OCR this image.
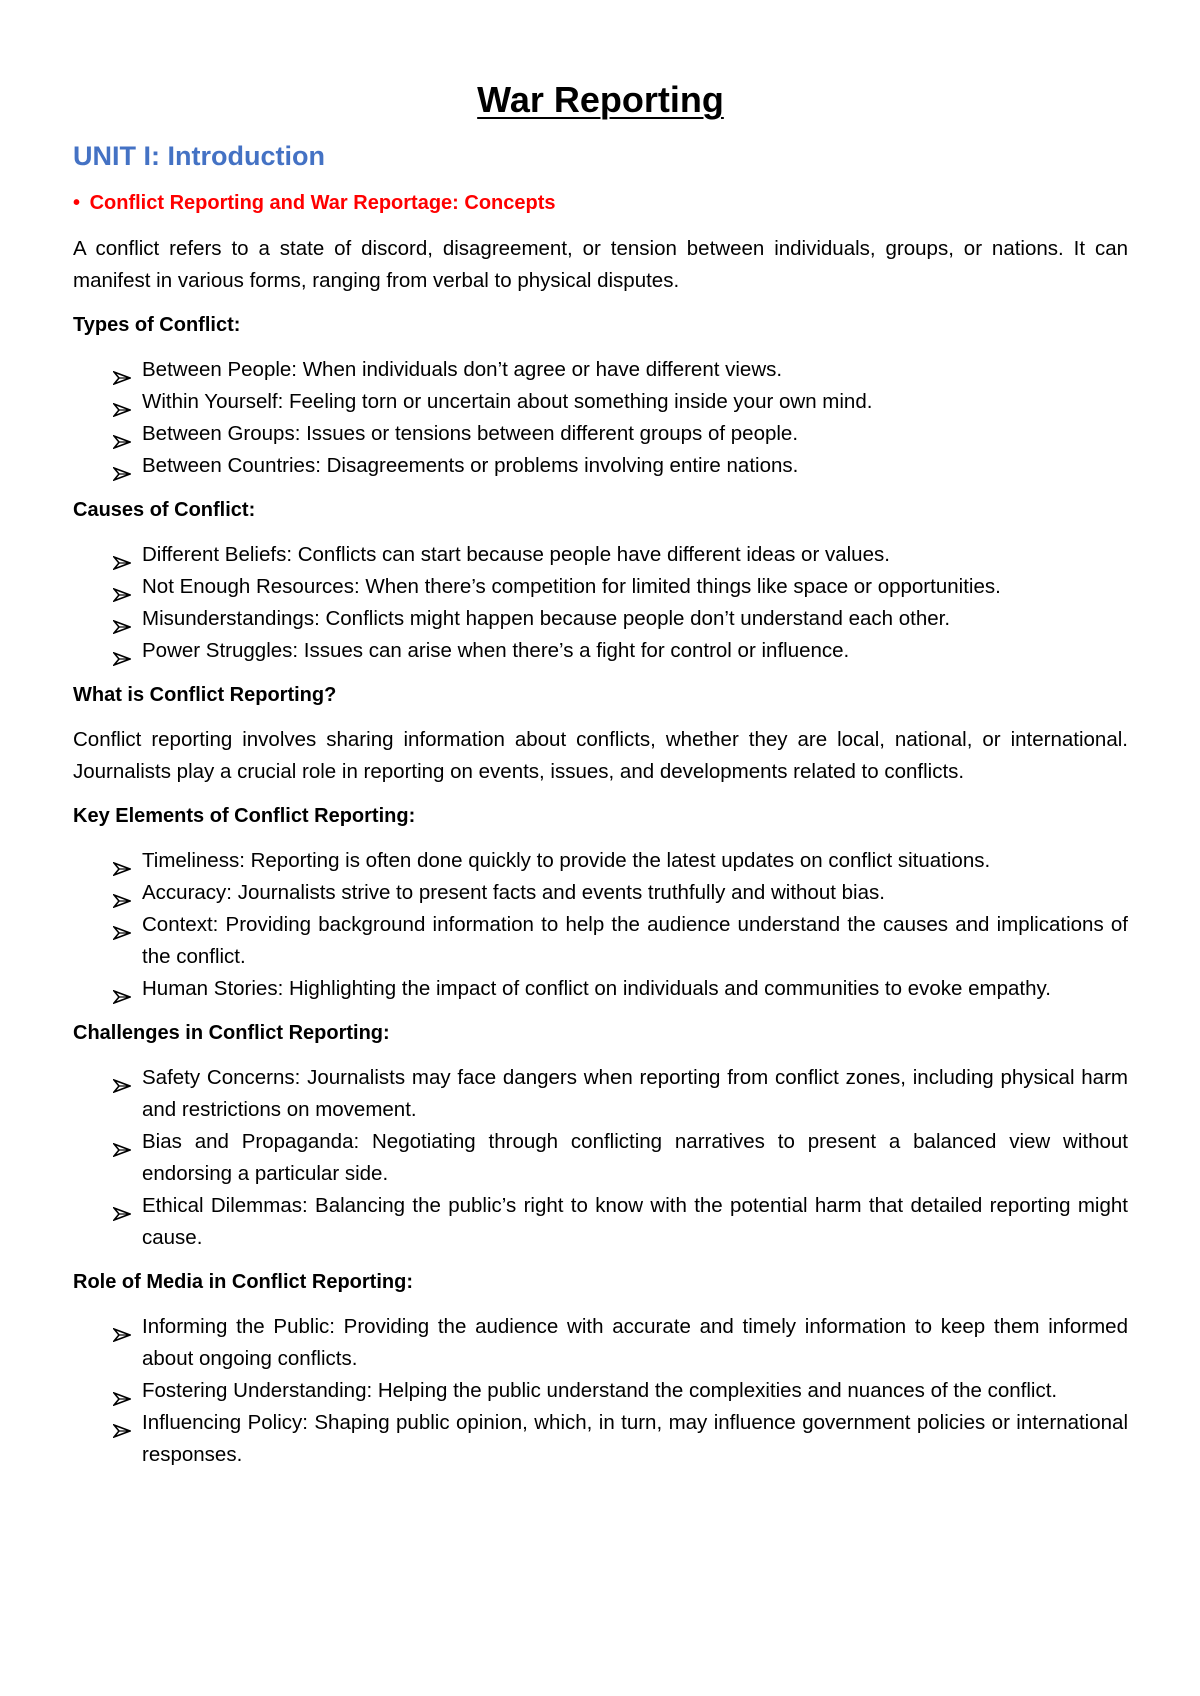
War Reporting
UNIT I: Introduction
• Conflict Reporting and War Reportage: Concepts

A conflict refers to a state of discord, disagreement, or tension between individuals, groups, or nations. It can manifest in various forms, ranging from verbal to physical disputes.

Types of Conflict:
Between People: When individuals don’t agree or have different views.
Within Yourself: Feeling torn or uncertain about something inside your own mind.
Between Groups: Issues or tensions between different groups of people.
Between Countries: Disagreements or problems involving entire nations.
Causes of Conflict:
Different Beliefs: Conflicts can start because people have different ideas or values.
Not Enough Resources: When there’s competition for limited things like space or opportunities.
Misunderstandings: Conflicts might happen because people don’t understand each other.
Power Struggles: Issues can arise when there’s a fight for control or influence.
What is Conflict Reporting?

Conflict reporting involves sharing information about conflicts, whether they are local, national, or international. Journalists play a crucial role in reporting on events, issues, and developments related to conflicts.

Key Elements of Conflict Reporting:
Timeliness: Reporting is often done quickly to provide the latest updates on conflict situations.
Accuracy: Journalists strive to present facts and events truthfully and without bias.
Context: Providing background information to help the audience understand the causes and implications of the conflict.
Human Stories: Highlighting the impact of conflict on individuals and communities to evoke empathy.
Challenges in Conflict Reporting:
Safety Concerns: Journalists may face dangers when reporting from conflict zones, including physical harm and restrictions on movement.
Bias and Propaganda: Negotiating through conflicting narratives to present a balanced view without endorsing a particular side.
Ethical Dilemmas: Balancing the public’s right to know with the potential harm that detailed reporting might cause.
Role of Media in Conflict Reporting:
Informing the Public: Providing the audience with accurate and timely information to keep them informed about ongoing conflicts.
Fostering Understanding: Helping the public understand the complexities and nuances of the conflict.
Influencing Policy: Shaping public opinion, which, in turn, may influence government policies or international responses.
